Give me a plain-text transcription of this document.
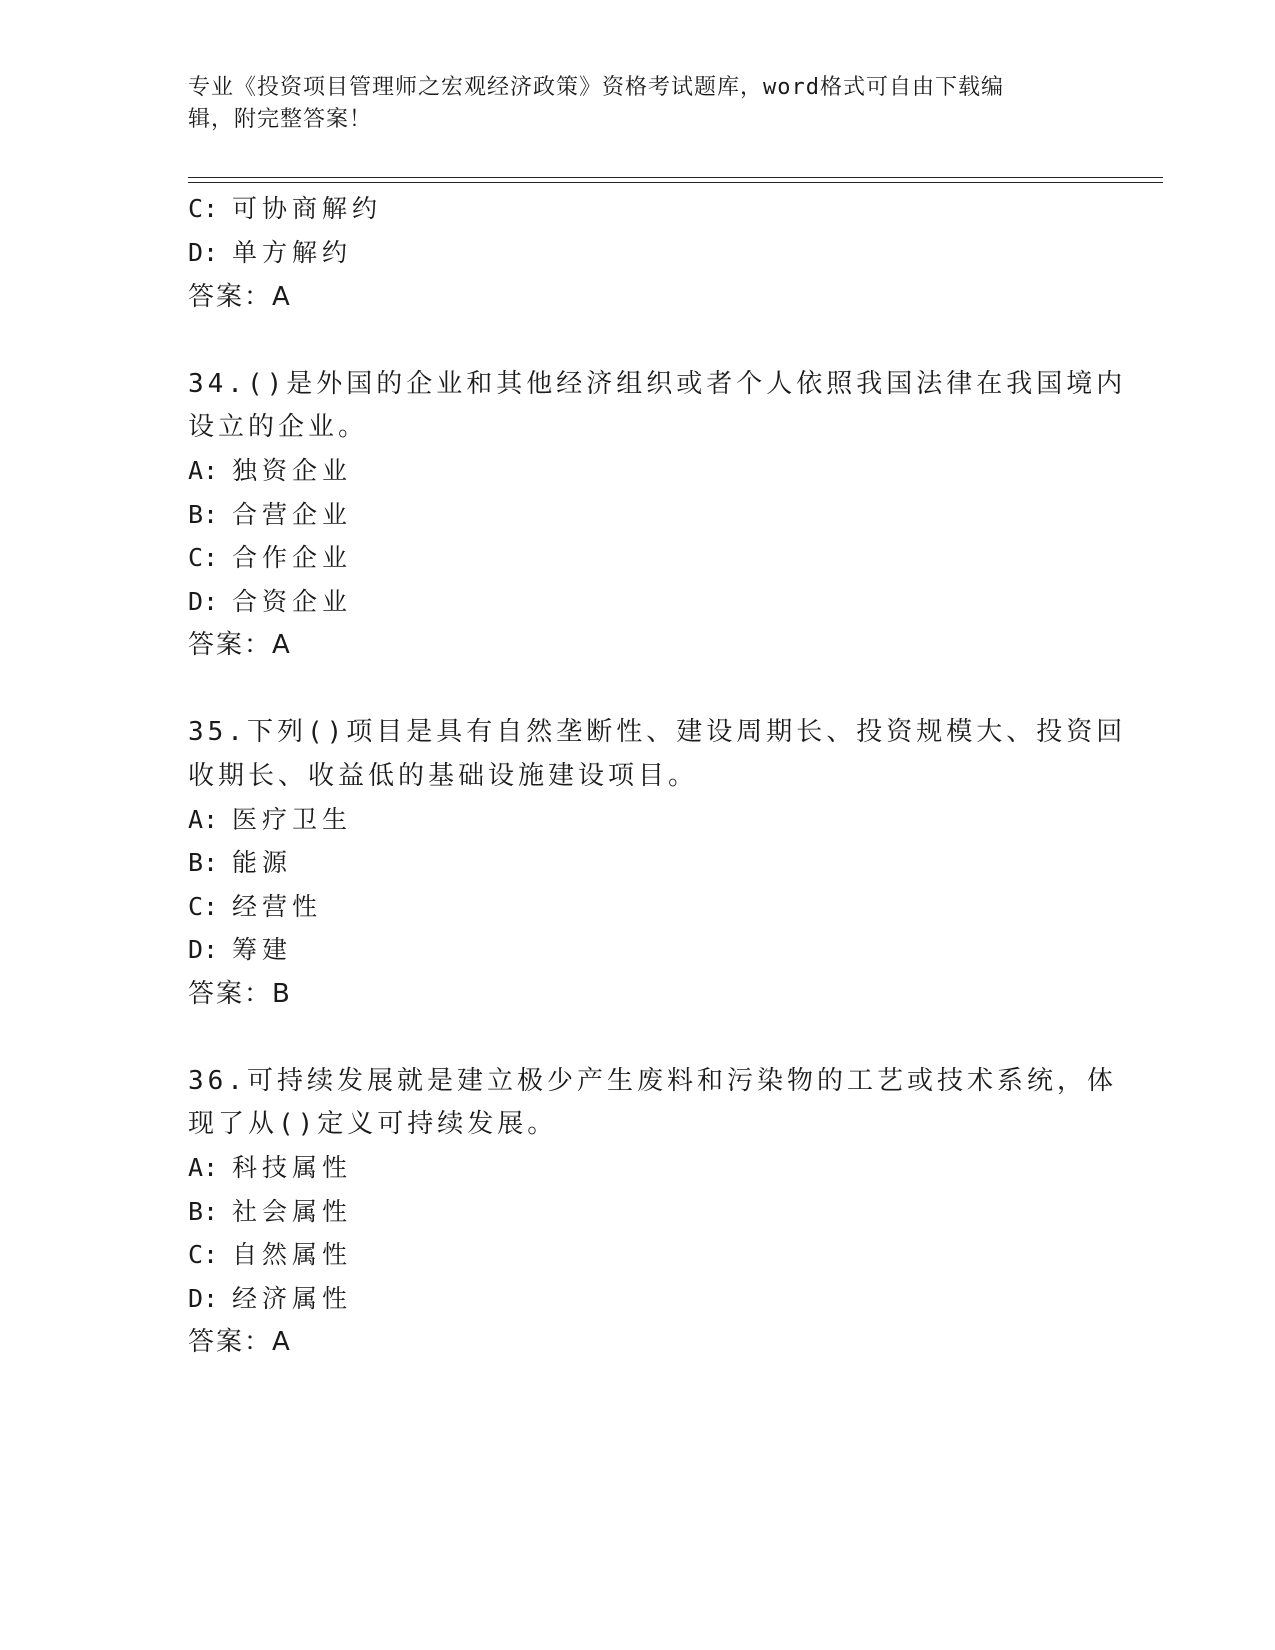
专业《投资项目管理师之宏观经济政策》资格考试题库，word格式可自由下载编
辑，附完整答案！
C: 可协商解约
D: 单方解约
答案：A
34.()是外国的企业和其他经济组织或者个人依照我国法律在我国境内
设立的企业。
A: 独资企业
B: 合营企业
C: 合作企业
D: 合资企业
答案：A
35.下列()项目是具有自然垄断性、建设周期长、投资规模大、投资回
收期长、收益低的基础设施建设项目。
A: 医疗卫生
B: 能源
C: 经营性
D: 筹建
答案：B
36.可持续发展就是建立极少产生废料和污染物的工艺或技术系统，体
现了从()定义可持续发展。
A: 科技属性
B: 社会属性
C: 自然属性
D: 经济属性
答案：A
